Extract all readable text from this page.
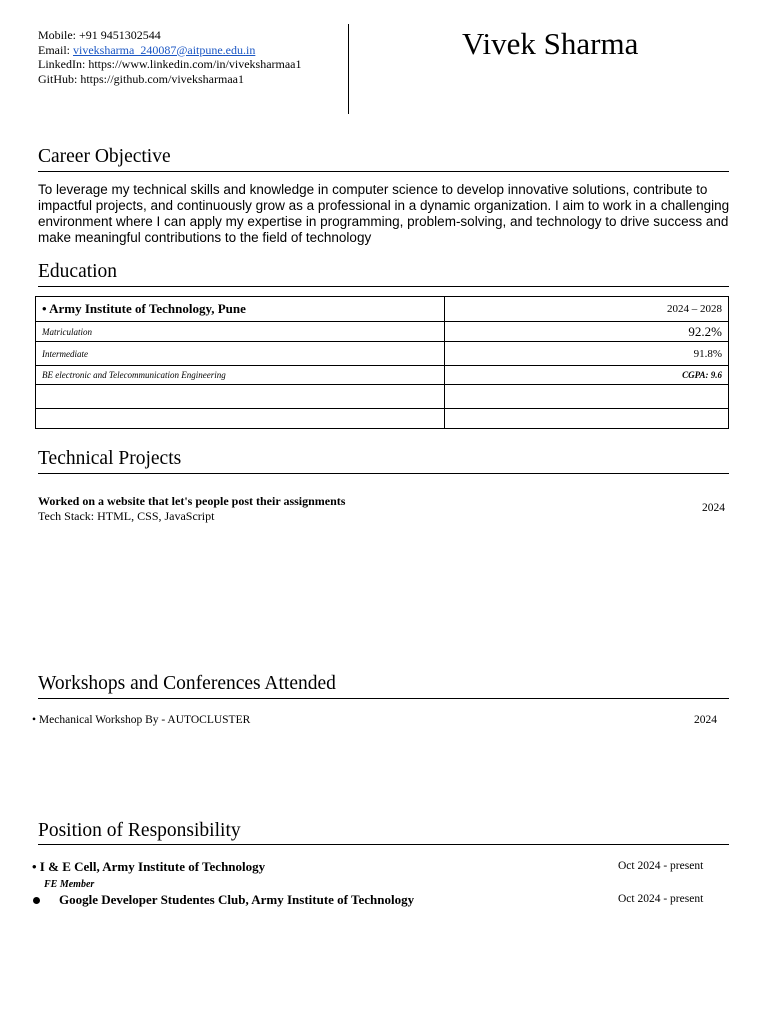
Mobile: +91 9451302544
Email: viveksharma_240087@aitpune.edu.in
LinkedIn: https://www.linkedin.com/in/viveksharmaa1
GitHub: https://github.com/viveksharmaa1
Vivek Sharma
Career Objective
To leverage my technical skills and knowledge in computer science to develop innovative solutions, contribute to impactful projects, and continuously grow as a professional in a dynamic organization. I aim to work in a challenging environment where I can apply my expertise in programming, problem-solving, and technology to drive success and make meaningful contributions to the field of technology
Education
• Army Institute of Technology, Pune	2024 – 2028
Matriculation	92.2%
Intermediate	91.8%
BE electronic and Telecommunication Engineering	CGPA: 9.6

Technical Projects
Worked on a website that let's people post their assignments
Tech Stack: HTML, CSS, JavaScript
2024
Workshops and Conferences Attended
• Mechanical Workshop By - AUTOCLUSTER	2024
Position of Responsibility
• I & E Cell, Army Institute of Technology	Oct 2024 - present
FE Member
Google Developer Studentes Club, Army Institute of Technology	Oct 2024 - present
